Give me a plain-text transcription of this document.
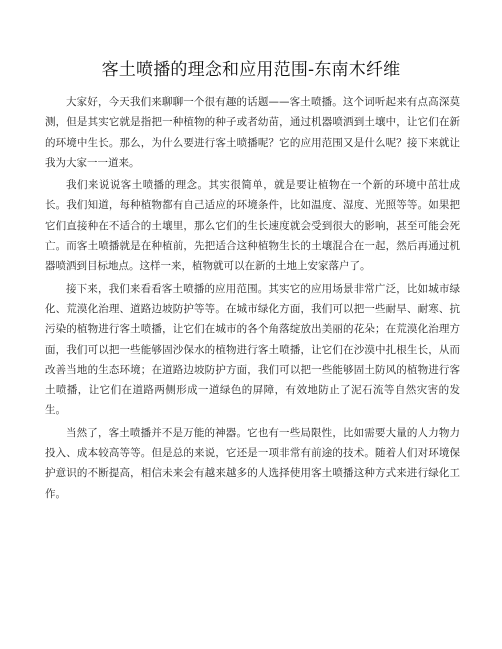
客土喷播的理念和应用范围-东南木纤维

大家好，今天我们来聊聊一个很有趣的话题——客土喷播。这个词听起来有点高深莫测，但是其实它就是指把一种植物的种子或者幼苗，通过机器喷洒到土壤中，让它们在新的环境中生长。那么，为什么要进行客土喷播呢？它的应用范围又是什么呢？接下来就让我为大家一一道来。

我们来说说客土喷播的理念。其实很简单，就是要让植物在一个新的环境中茁壮成长。我们知道，每种植物都有自己适应的环境条件，比如温度、湿度、光照等等。如果把它们直接种在不适合的土壤里，那么它们的生长速度就会受到很大的影响，甚至可能会死亡。而客土喷播就是在种植前，先把适合这种植物生长的土壤混合在一起，然后再通过机器喷洒到目标地点。这样一来，植物就可以在新的土地上安家落户了。

接下来，我们来看看客土喷播的应用范围。其实它的应用场景非常广泛，比如城市绿化、荒漠化治理、道路边坡防护等等。在城市绿化方面，我们可以把一些耐旱、耐寒、抗污染的植物进行客土喷播，让它们在城市的各个角落绽放出美丽的花朵；在荒漠化治理方面，我们可以把一些能够固沙保水的植物进行客土喷播，让它们在沙漠中扎根生长，从而改善当地的生态环境；在道路边坡防护方面，我们可以把一些能够固土防风的植物进行客土喷播，让它们在道路两侧形成一道绿色的屏障，有效地防止了泥石流等自然灾害的发生。

当然了，客土喷播并不是万能的神器。它也有一些局限性，比如需要大量的人力物力投入、成本较高等等。但是总的来说，它还是一项非常有前途的技术。随着人们对环境保护意识的不断提高，相信未来会有越来越多的人选择使用客土喷播这种方式来进行绿化工作。
